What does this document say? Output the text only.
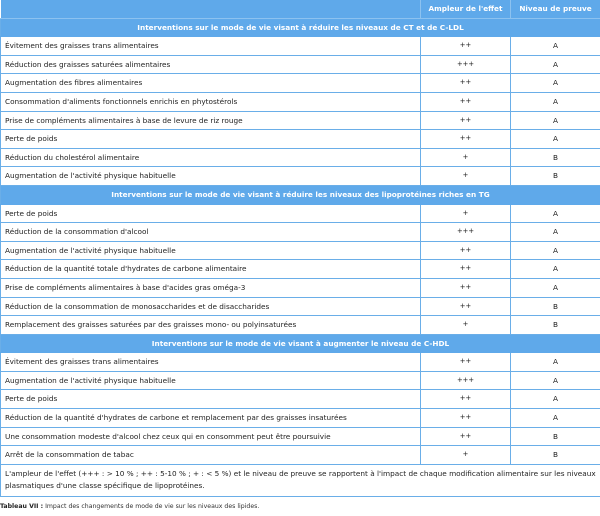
	Ampleur de l'effet	Niveau de preuve
Interventions sur le mode de vie visant à réduire les niveaux de CT et de C-LDL		
Évitement des graisses trans alimentaires	++	A
Réduction des graisses saturées alimentaires	+++	A
Augmentation des fibres alimentaires	++	A
Consommation d'aliments fonctionnels enrichis en phytostérols	++	A
Prise de compléments alimentaires à base de levure de riz rouge	++	A
Perte de poids	++	A
Réduction du cholestérol alimentaire	+	B
Augmentation de l'activité physique habituelle	+	B
Interventions sur le mode de vie visant à réduire les niveaux des lipoprotéines riches en TG		
Perte de poids	+	A
Réduction de la consommation d'alcool	+++	A
Augmentation de l'activité physique habituelle	++	A
Réduction de la quantité totale d'hydrates de carbone alimentaire	++	A
Prise de compléments alimentaires à base d'acides gras oméga-3	++	A
Réduction de la consommation de monosaccharides et de disaccharides	++	B
Remplacement des graisses saturées par des graisses mono- ou polyinsaturées	+	B
Interventions sur le mode de vie visant à augmenter le niveau de C-HDL		
Évitement des graisses trans alimentaires	++	A
Augmentation de l'activité physique habituelle	+++	A
Perte de poids	++	A
Réduction de la quantité d'hydrates de carbone et remplacement par des graisses insaturées	++	A
Une consommation modeste d'alcool chez ceux qui en consomment peut être poursuivie	++	B
Arrêt de la consommation de tabac	+	B
L'ampleur de l'effet (+++ : > 10 % ; ++ : 5-10 % ; + : < 5 %) et le niveau de preuve se rapportent à l'impact de chaque modification alimentaire sur les niveaux plasmatiques d'une classe spécifique de lipoprotéines.		
Tableau VII : Impact des changements de mode de vie sur les niveaux des lipides.
